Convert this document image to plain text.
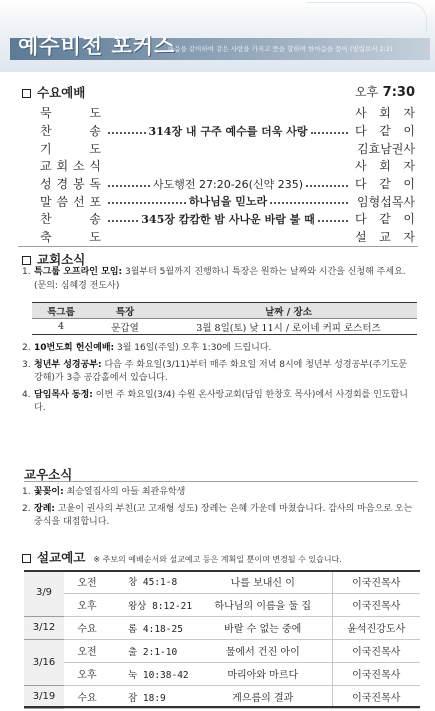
예수비전 포커스
마음을 같이하여 같은 사랑을 가지고 뜻을 합하며 한마음을 품어 (빌립보서 2:2)
수요예배	오후 7:30
묵	도	사 회 자
찬	송	314장 내 구주 예수를 더욱 사랑	다 같 이
기	도	김효남권사
교 회 소 식	사 회 자
성 경 봉 독	사도행전 27:20-26(신약 235)	다 같 이
말 씀 선 포	하나님을 믿노라	임형섭목사
찬	송	345장 캄캄한 밤 사나운 바람 불 때	다 같 이
축	도	설 교 자
교회소식
1. 특그룹 오프라인 모임: 3월부터 5월까지 진행하니 특장은 원하는 날짜와 시간을 신청해 주세요. (문의: 심혜경 전도사)
특그룹	특장	날짜 / 장소
4	문갑열	3월 8일(토) 낮 11시 / 로이네 커피 로스터즈
2. 10번도회 헌신예배: 3월 16일(주일) 오후 1:30에 드립니다.
3. 청년부 성경공부: 다음 주 화요일(3/11)부터 매주 화요일 저녁 8시에 청년부 성경공부(주기도문 강해)가 3층 공감홀에서 있습니다.
4. 담임목사 동정: 이번 주 화요일(3/4) 수원 온사랑교회(담임 한창호 목사)에서 사경회를 인도합니다.
교우소식
1. 꽃꽂이: 최승열집사의 아들 최관유학생
2. 장례: 고윤이 권사의 부친(고 고재형 성도) 장례는 은혜 가운데 마쳤습니다. 감사의 마음으로 오는 중식을 대접합니다.
설교예고 ※ 주보의 예배순서와 설교예고 등은 계획일 뿐이며 변경될 수 있습니다.
3/9	오전	창 45:1-8	나를 보내신 이	이국진목사
	오후	왕상 8:12-21	하나님의 이름을 둘 집	이국진목사
3/12	수요	롬 4:18-25	바랄 수 없는 중에	윤석진강도사
3/16	오전	출 2:1-10	물에서 건진 아이	이국진목사
	오후	눅 10:38-42	마리아와 마르다	이국진목사
3/19	수요	잠 18:9	게으름의 결과	이국진목사
